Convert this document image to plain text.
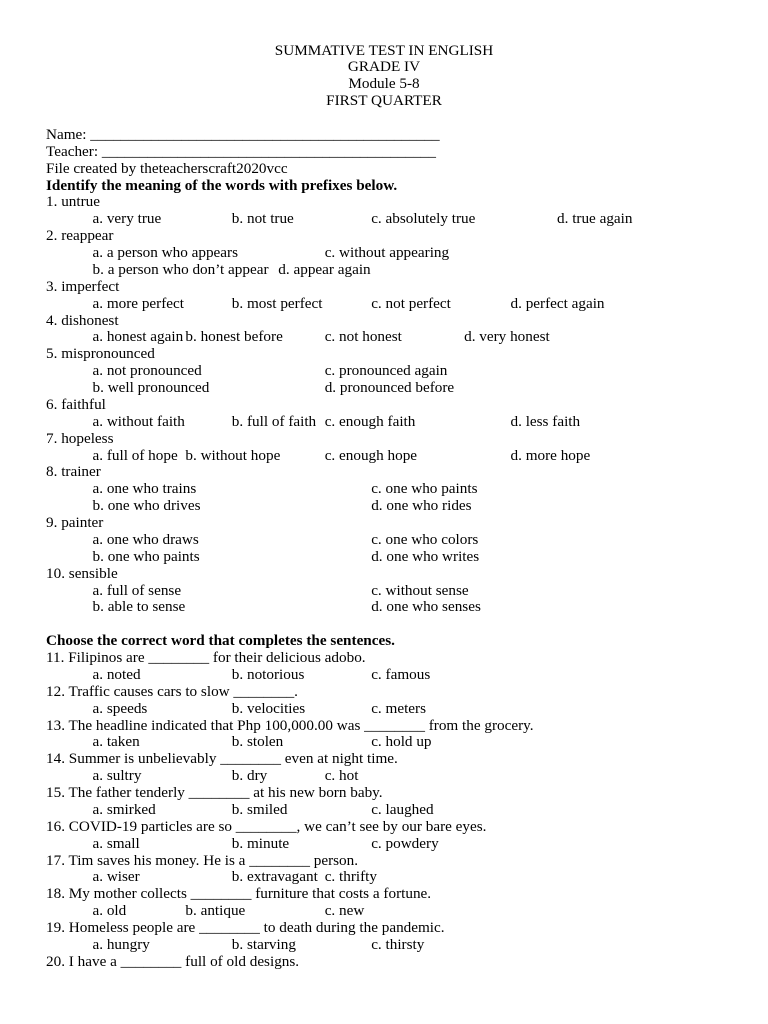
SUMMATIVE TEST IN ENGLISH
GRADE IV
Module 5-8
FIRST QUARTER
Name: ______________________________________________
Teacher: ____________________________________________
File created by theteacherscraft2020vcc
Identify the meaning of the words with prefixes below.
1. untrue
a. very true	b. not true	c. absolutely true	d. true again
2. reappear
a. a person who appears	c. without appearing
b. a person who don’t appear d. appear again
3. imperfect
a. more perfect	b. most perfect	c. not perfect	d. perfect again
4. dishonest
a. honest again b. honest before	c. not honest	d. very honest
5. mispronounced
a. not pronounced	c. pronounced again
b. well pronounced	d. pronounced before
6. faithful
a. without faith	b. full of faith c. enough faith	d. less faith
7. hopeless
a. full of hope b. without hope	c. enough hope	d. more hope
8. trainer
a. one who trains	c. one who paints
b. one who drives	d. one who rides
9. painter
a. one who draws	c. one who colors
b. one who paints	d. one who writes
10. sensible
a. full of sense	c. without sense
b. able to sense	d. one who senses
Choose the correct word that completes the sentences.
11. Filipinos are ________ for their delicious adobo.
a. noted	b. notorious	c. famous
12. Traffic causes cars to slow ________.
a. speeds	b. velocities	c. meters
13. The headline indicated that Php 100,000.00 was ________ from the grocery.
a. taken	b. stolen	c. hold up
14. Summer is unbelievably ________ even at night time.
a. sultry	b. dry	c. hot
15. The father tenderly ________ at his new born baby.
a. smirked	b. smiled	c. laughed
16. COVID-19 particles are so ________, we can’t see by our bare eyes.
a. small	b. minute	c. powdery
17. Tim saves his money. He is a ________ person.
a. wiser	b. extravagant c. thrifty
18. My mother collects ________ furniture that costs a fortune.
a. old	b. antique	c. new
19. Homeless people are ________ to death during the pandemic.
a. hungry	b. starving	c. thirsty
20. I have a ________ full of old designs.
